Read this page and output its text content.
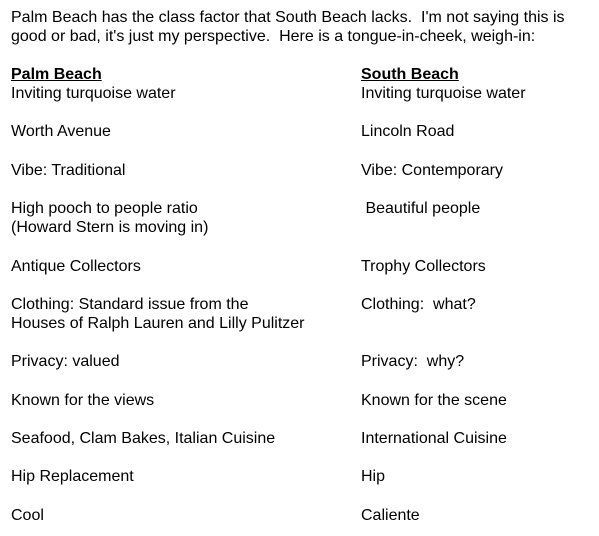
Palm Beach has the class factor that South Beach lacks.  I'm not saying this is

good or bad, it's just my perspective.  Here is a tongue-in-cheek, weigh-in:

Palm Beach

Inviting turquoise water

Worth Avenue

Vibe: Traditional

High pooch to people ratio
(Howard Stern is moving in)

Antique Collectors

Clothing: Standard issue from the
Houses of Ralph Lauren and Lilly Pulitzer

Privacy: valued

Known for the views

Seafood, Clam Bakes, Italian Cuisine

Hip Replacement

Cool

South Beach

Inviting turquoise water

Lincoln Road

Vibe: Contemporary

Beautiful people

Trophy Collectors

Clothing:  what?

Privacy:  why?

Known for the scene

International Cuisine

Hip

Caliente
